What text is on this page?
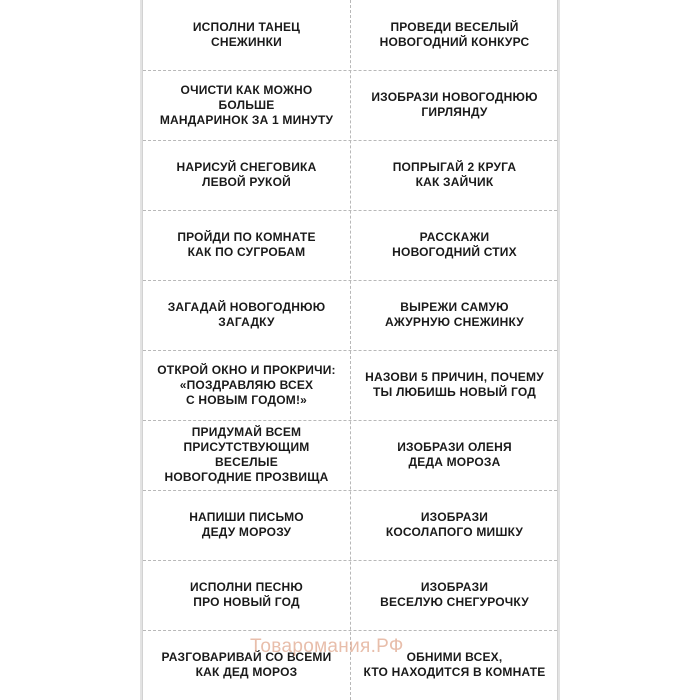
ИСПОЛНИ ТАНЕЦ
СНЕЖИНКИ
ПРОВЕДИ ВЕСЕЛЫЙ
НОВОГОДНИЙ КОНКУРС
ОЧИСТИ КАК МОЖНО БОЛЬШЕ
МАНДАРИНОК ЗА 1 МИНУТУ
ИЗОБРАЗИ НОВОГОДНЮЮ
ГИРЛЯНДУ
НАРИСУЙ СНЕГОВИКА
ЛЕВОЙ РУКОЙ
ПОПРЫГАЙ 2 КРУГА
КАК ЗАЙЧИК
ПРОЙДИ ПО КОМНАТЕ
КАК ПО СУГРОБАМ
РАССКАЖИ
НОВОГОДНИЙ СТИХ
ЗАГАДАЙ НОВОГОДНЮЮ
ЗАГАДКУ
ВЫРЕЖИ САМУЮ
АЖУРНУЮ СНЕЖИНКУ
ОТКРОЙ ОКНО И ПРОКРИЧИ:
«ПОЗДРАВЛЯЮ ВСЕХ
С НОВЫМ ГОДОМ!»
НАЗОВИ 5 ПРИЧИН, ПОЧЕМУ
ТЫ ЛЮБИШЬ НОВЫЙ ГОД
ПРИДУМАЙ ВСЕМ
ПРИСУТСТВУЮЩИМ ВЕСЕЛЫЕ
НОВОГОДНИЕ ПРОЗВИЩА
ИЗОБРАЗИ ОЛЕНЯ
ДЕДА МОРОЗА
НАПИШИ ПИСЬМО
ДЕДУ МОРОЗУ
ИЗОБРАЗИ
КОСОЛАПОГО МИШКУ
ИСПОЛНИ ПЕСНЮ
ПРО НОВЫЙ ГОД
ИЗОБРАЗИ
ВЕСЕЛУЮ СНЕГУРОЧКУ
РАЗГОВАРИВАЙ СО ВСЕМИ
КАК ДЕД МОРОЗ
ОБНИМИ ВСЕХ,
КТО НАХОДИТСЯ В КОМНАТЕ
Товаромания.РФ
